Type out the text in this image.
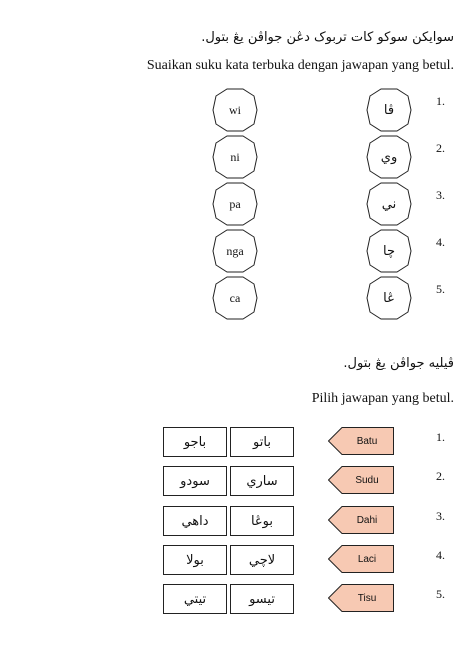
سوايکن سوکو کات تربوک دڠن جواڤن يڠ بتول.
Suaikan suku kata terbuka dengan jawapan yang betul.
1.
wi	ڤا
2.
ni	وي
3.
pa	ني
4.
nga	چا
5.
ca	ڠا
ڤيليه جواڤن يڠ بتول.
Pilih jawapan yang betul.
1.
باجو	باتو	Batu
2.
سودو	ساري	Sudu
3.
داهي	بوڠا	Dahi
4.
بولا	لاچي	Laci
5.
تيتي	تيسو	Tisu
